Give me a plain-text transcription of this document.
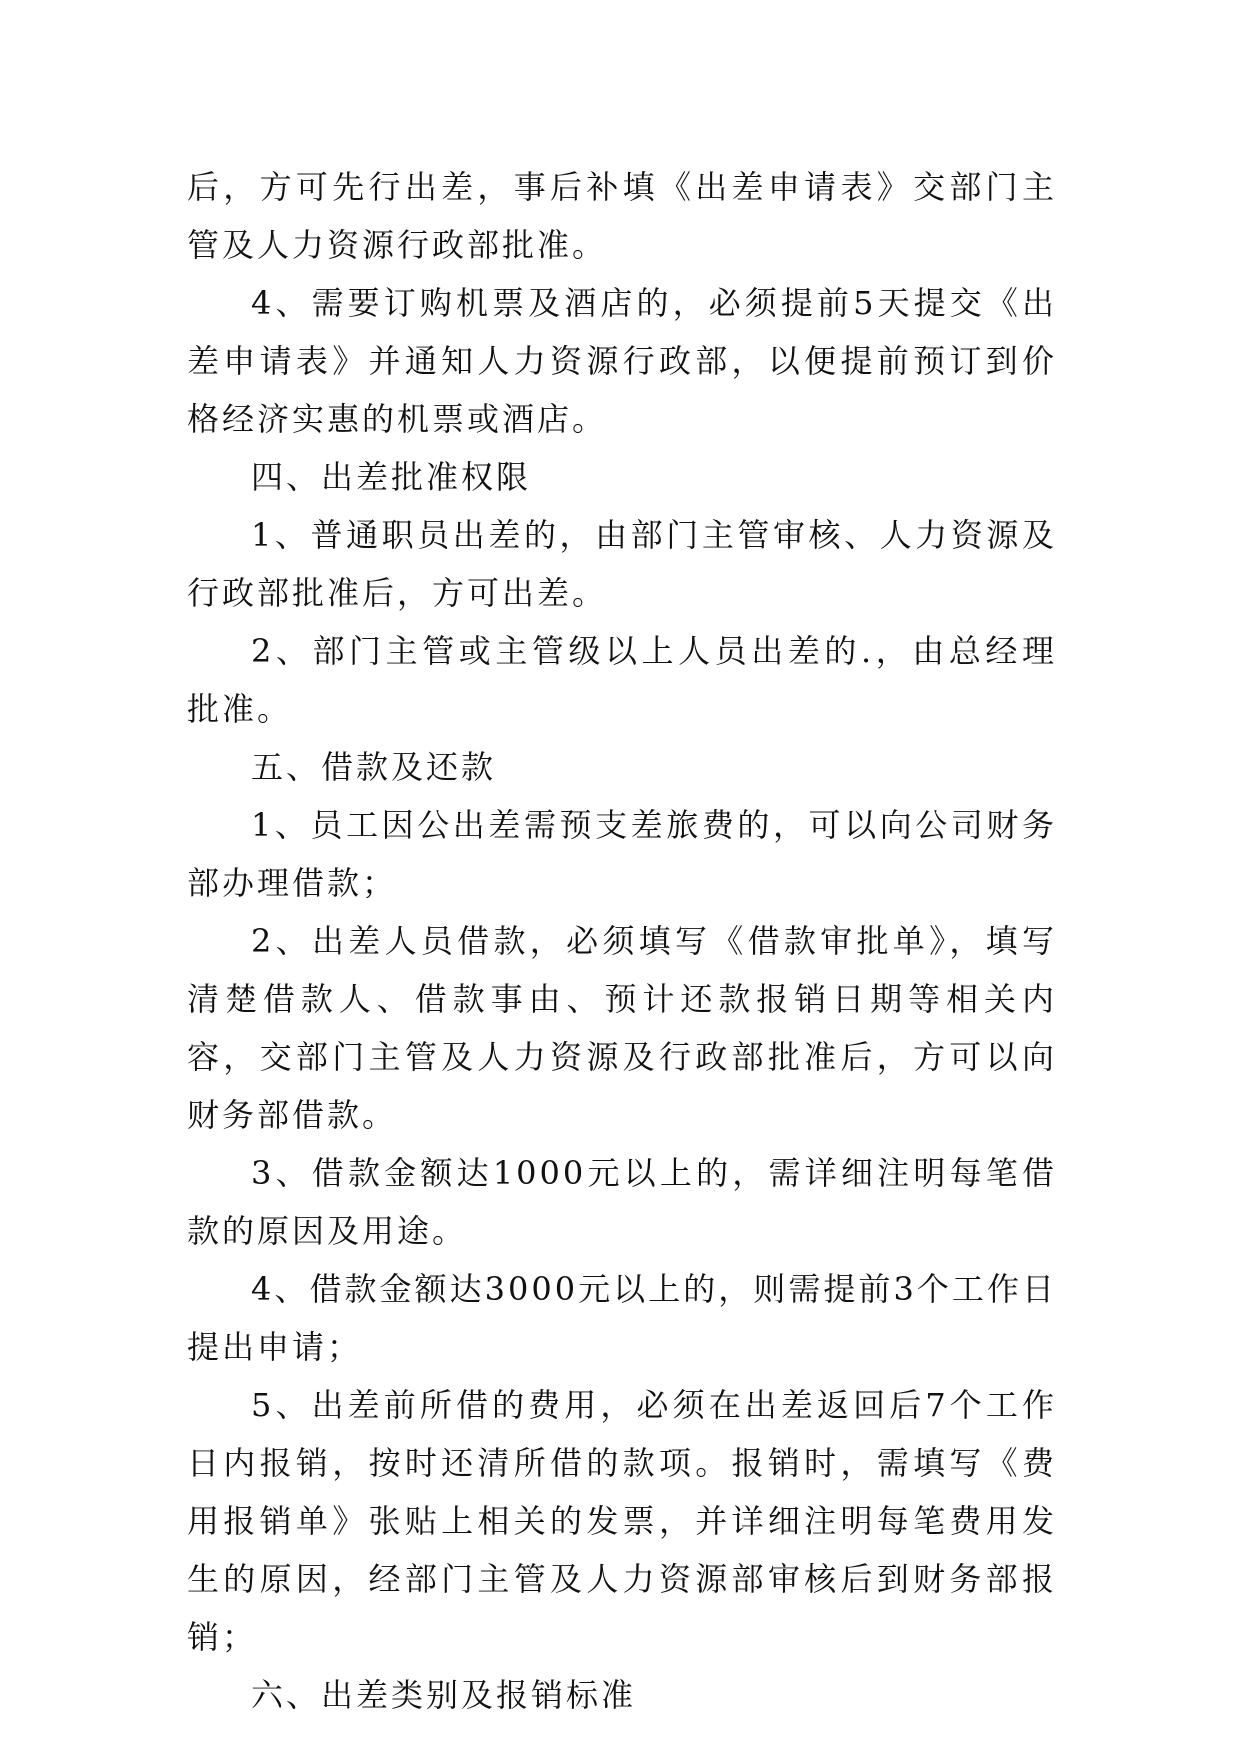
后，方可先行出差，事后补填《出差申请表》交部门主管及人力资源行政部批准。

4、需要订购机票及酒店的，必须提前5天提交《出差申请表》并通知人力资源行政部，以便提前预订到价格经济实惠的机票或酒店。

四、出差批准权限

1、普通职员出差的，由部门主管审核、人力资源及行政部批准后，方可出差。

2、部门主管或主管级以上人员出差的.，由总经理批准。

五、借款及还款

1、员工因公出差需预支差旅费的，可以向公司财务部办理借款；

2、出差人员借款，必须填写《借款审批单》，填写清楚借款人、借款事由、预计还款报销日期等相关内容，交部门主管及人力资源及行政部批准后，方可以向财务部借款。

3、借款金额达1000元以上的，需详细注明每笔借款的原因及用途。

4、借款金额达3000元以上的，则需提前3个工作日提出申请；

5、出差前所借的费用，必须在出差返回后7个工作日内报销，按时还清所借的款项。报销时，需填写《费用报销单》张贴上相关的发票，并详细注明每笔费用发生的原因，经部门主管及人力资源部审核后到财务部报销；

六、出差类别及报销标准
